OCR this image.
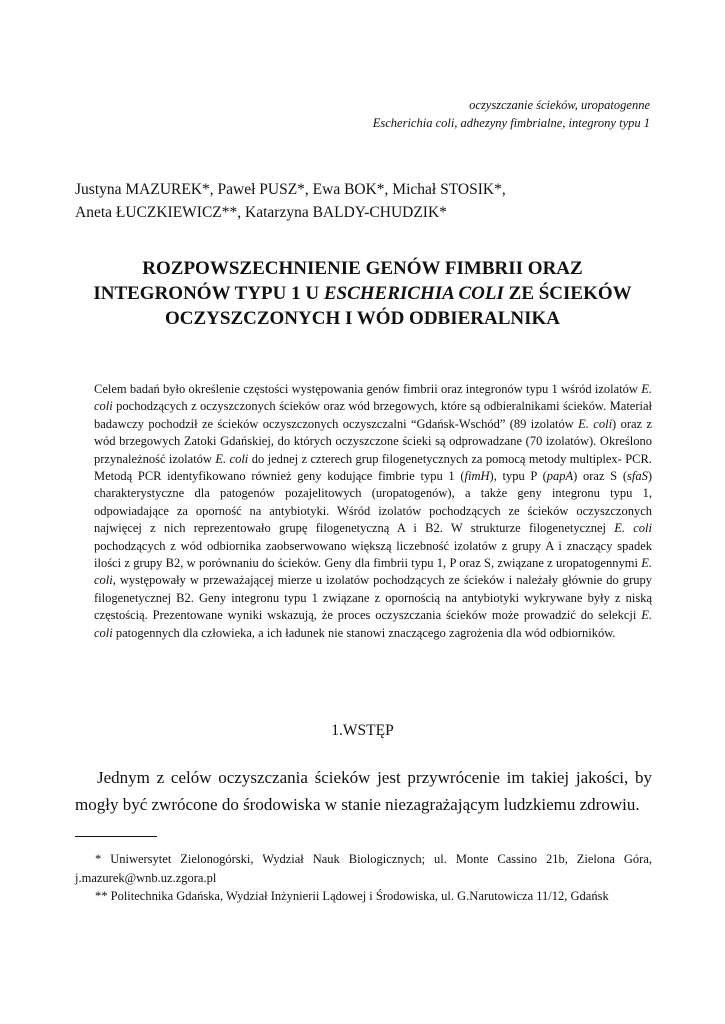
oczyszczanie ścieków, uropatogenne
Escherichia coli, adhezyny fimbrialne, integrony typu 1
Justyna MAZUREK*, Paweł PUSZ*, Ewa BOK*, Michał STOSIK*,
Aneta ŁUCZKIEWICZ**, Katarzyna BALDY-CHUDZIK*
ROZPOWSZECHNIENIE GENÓW FIMBRII ORAZ
INTEGRONÓW TYPU 1 U ESCHERICHIA COLI ZE ŚCIEKÓW
OCZYSZCZONYCH I WÓD ODBIERALNIKA
Celem badań było określenie częstości występowania genów fimbrii oraz integronów typu 1 wśród izolatów E. coli pochodzących z oczyszczonych ścieków oraz wód brzegowych, które są odbieralnikami ścieków. Materiał badawczy pochodził ze ścieków oczyszczonych oczyszczalni “Gdańsk-Wschód” (89 izolatów E. coli) oraz z wód brzegowych Zatoki Gdańskiej, do których oczyszczone ścieki są odprowadzane (70 izolatów). Określono przynależność izolatów E. coli do jednej z czterech grup filogenetycznych za pomocą metody multiplex- PCR. Metodą PCR identyfikowano również geny kodujące fimbrie typu 1 (fimH), typu P (papA) oraz S (sfaS) charakterystyczne dla patogenów pozajelitowych (uropatogenów), a także geny integronu typu 1, odpowiadające za oporność na antybiotyki. Wśród izolatów pochodzących ze ścieków oczyszczonych najwięcej z nich reprezentowało grupę filogenetyczną A i B2. W strukturze filogenetycznej E. coli pochodzących z wód odbiornika zaobserwowano większą liczebność izolatów z grupy A i znaczący spadek ilości z grupy B2, w porównaniu do ścieków. Geny dla fimbrii typu 1, P oraz S, związane z uropatogennymi E. coli, występowały w przeważającej mierze u izolatów pochodzących ze ścieków i należały głównie do grupy filogenetycznej B2. Geny integronu typu 1 związane z opornością na antybiotyki wykrywane były z niską częstością. Prezentowane wyniki wskazują, że proces oczyszczania ścieków może prowadzić do selekcji E. coli patogennych dla człowieka, a ich ładunek nie stanowi znaczącego zagrożenia dla wód odbiorników.
1.WSTĘP
Jednym z celów oczyszczania ścieków jest przywrócenie im takiej jakości, by mogły być zwrócone do środowiska w stanie niezagrażającym ludzkiemu zdrowiu.

* Uniwersytet Zielonogórski, Wydział Nauk Biologicznych; ul. Monte Cassino 21b, Zielona Góra, j.mazurek@wnb.uz.zgora.pl

** Politechnika Gdańska, Wydział Inżynierii Lądowej i Środowiska, ul. G.Narutowicza 11/12, Gdańsk
